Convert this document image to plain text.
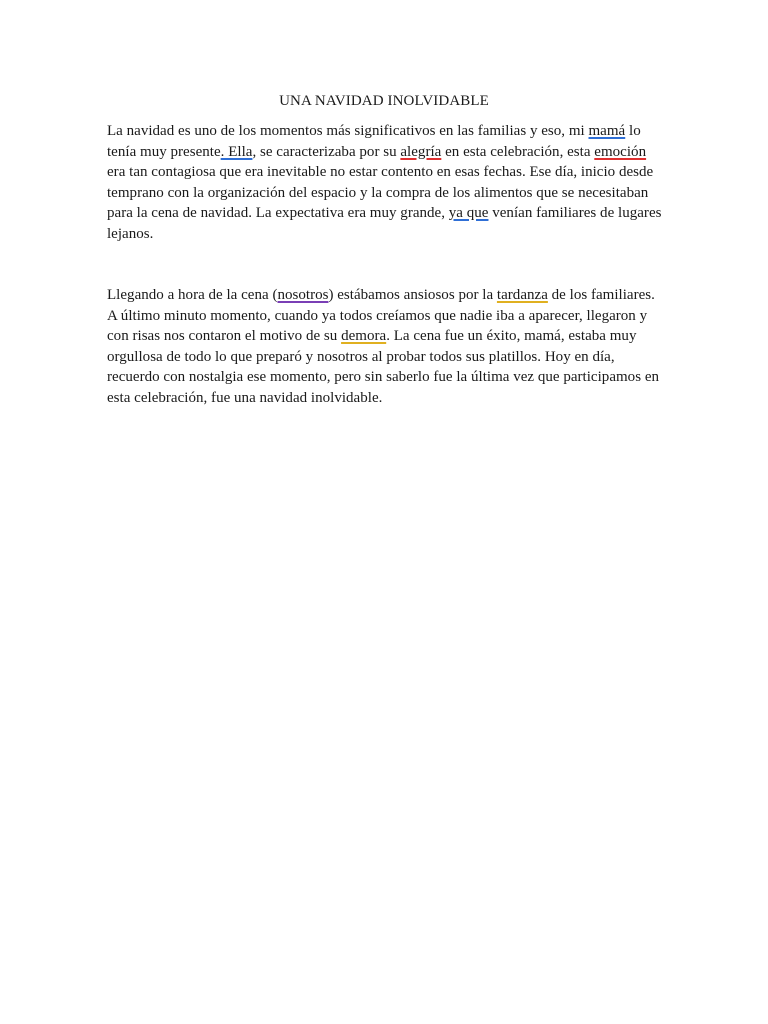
UNA NAVIDAD INOLVIDABLE
La navidad es uno de los momentos más significativos en las familias y eso, mi mamá lo tenía muy presente. Ella, se caracterizaba por su alegría en esta celebración, esta emoción era tan contagiosa que era inevitable no estar contento en esas fechas. Ese día, inicio desde temprano con la organización del espacio y la compra de los alimentos que se necesitaban para la cena de navidad. La expectativa era muy grande, ya que venían familiares de lugares lejanos.
Llegando a hora de la cena (nosotros) estábamos ansiosos por la tardanza de los familiares. A último minuto momento, cuando ya todos creíamos que nadie iba a aparecer, llegaron y con risas nos contaron el motivo de su demora. La cena fue un éxito, mamá, estaba muy orgullosa de todo lo que preparó y nosotros al probar todos sus platillos. Hoy en día, recuerdo con nostalgia ese momento, pero sin saberlo fue la última vez que participamos en esta celebración, fue una navidad inolvidable.
